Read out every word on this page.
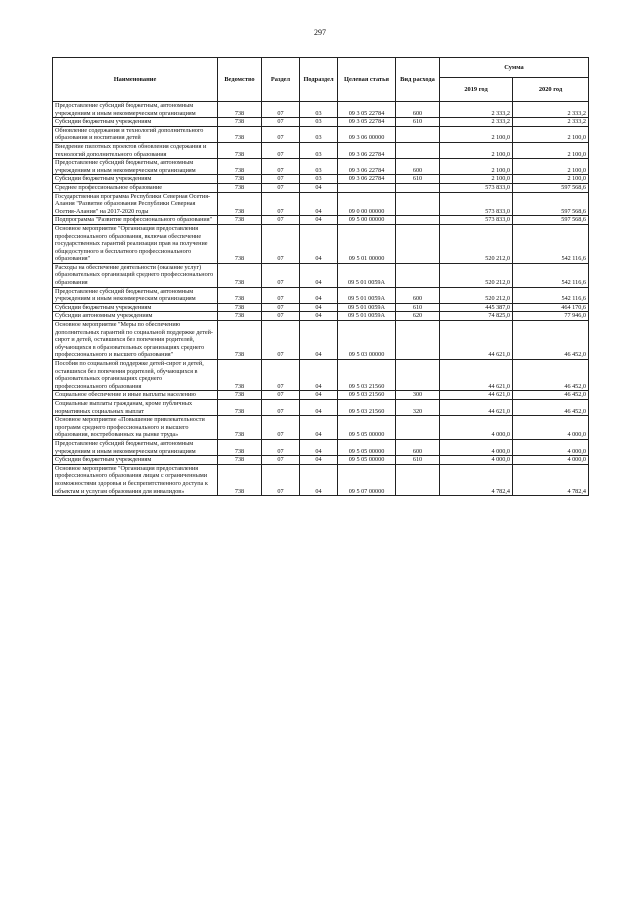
297
Наименование	Ведомство	Раздел	Подраздел	Целевая статья	Вид расхода	Сумма	
						2019 год	2020 год
Предоставление субсидий бюджетным, автономным учреждениям и иным некоммерческим организациям	738	07	03	09 3 05 22784	600	2 333,2	2 333,2
Субсидии бюджетным учреждениям	738	07	03	09 3 05 22784	610	2 333,2	2 333,2
Обновление содержания и технологий дополнительного образования и воспитания детей	738	07	03	09 3 06 00000		2 100,0	2 100,0
Внедрение пилотных проектов обновления содержания и технологий дополнительного образования	738	07	03	09 3 06 22784		2 100,0	2 100,0
Предоставление субсидий бюджетным, автономным учреждениям и иным некоммерческим организациям	738	07	03	09 3 06 22784	600	2 100,0	2 100,0
Субсидии бюджетным учреждениям	738	07	03	09 3 06 22784	610	2 100,0	2 100,0
Среднее профессиональное образование	738	07	04			573 833,0	597 568,6
Государственная программа Республики Северная Осетия-Алания "Развитие образования Республики Северная Осетия-Алания" на 2017-2020 годы	738	07	04	09 0 00 00000		573 833,0	597 568,6
Подпрограмма "Развитие профессионального образования"	738	07	04	09 5 00 00000		573 833,0	597 568,6
Основное мероприятие "Организация предоставления профессионального образования, включая обеспечение государственных гарантий реализации прав на получение общедоступного и бесплатного профессионального образования"	738	07	04	09 5 01 00000		520 212,0	542 116,6
Расходы на обеспечение деятельности (оказание услуг) образовательных организаций среднего профессионального образования	738	07	04	09 5 01 0059А		520 212,0	542 116,6
Предоставление субсидий бюджетным, автономным учреждениям и иным некоммерческим организациям	738	07	04	09 5 01 0059А	600	520 212,0	542 116,6
Субсидии бюджетным учреждениям	738	07	04	09 5 01 0059А	610	445 387,0	464 170,6
Субсидии автономным учреждениям	738	07	04	09 5 01 0059А	620	74 825,0	77 946,0
Основное мероприятие "Меры по обеспечению дополнительных гарантий по социальной поддержке детей-сирот и детей, оставшихся без попечения родителей, обучающихся в образовательных организациях среднего профессионального и высшего образования"	738	07	04	09 5 03 00000		44 621,0	46 452,0
Пособия по социальной поддержке детей-сирот и детей, оставшихся без попечения родителей, обучающихся в образовательных организациях среднего профессионального образования	738	07	04	09 5 03 21560		44 621,0	46 452,0
Социальное обеспечение и иные выплаты населению	738	07	04	09 5 03 21560	300	44 621,0	46 452,0
Социальные выплаты гражданам, кроме публичных нормативных социальных выплат	738	07	04	09 5 03 21560	320	44 621,0	46 452,0
Основное мероприятие «Повышение привлекательности программ среднего профессионального и высшего образования, востребованных на рынке труда»	738	07	04	09 5 05 00000		4 000,0	4 000,0
Предоставление субсидий бюджетным, автономным учреждениям и иным некоммерческим организациям	738	07	04	09 5 05 00000	600	4 000,0	4 000,0
Субсидии бюджетным учреждениям	738	07	04	09 5 05 00000	610	4 000,0	4 000,0
Основное мероприятие "Организация предоставления профессионального образования лицам с ограниченными возможностями здоровья и беспрепятственного доступа к объектам и услугам образования для инвалидов»	738	07	04	09 5 07 00000		4 782,4	4 782,4
